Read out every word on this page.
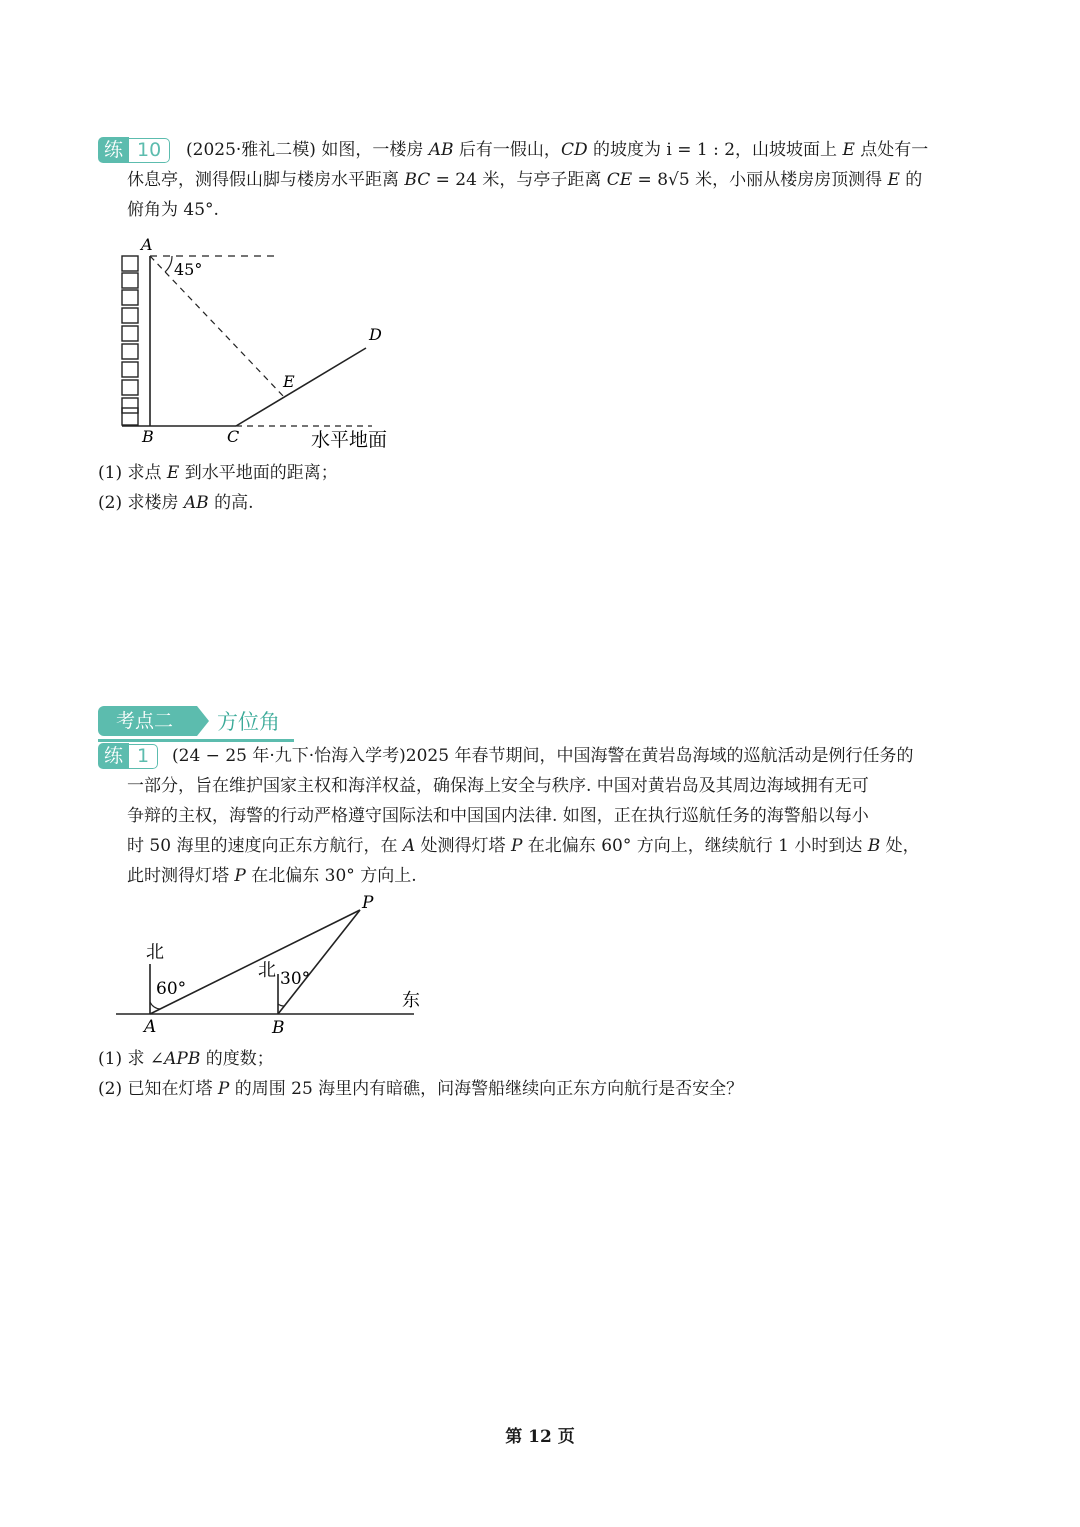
练 10	(2025·雅礼二模) 如图，一楼房 AB 后有一假山，CD 的坡度为 i = 1 : 2，山坡坡面上 E 点处有一

休息亭，测得假山脚与楼房水平距离 BC = 24 米，与亭子距离 CE = 8√5 米，小丽从楼房房顶测得 E 的

俯角为 45°.

A
45°
B	C
D
E
水平地面

(1) 求点 E 到水平地面的距离；

(2) 求楼房 AB 的高.

考点二	方位角
练 1	(24 − 25 年·九下·怡海入学考)2025 年春节期间，中国海警在黄岩岛海域的巡航活动是例行任务的

一部分，旨在维护国家主权和海洋权益，确保海上安全与秩序. 中国对黄岩岛及其周边海域拥有无可

争辩的主权，海警的行动严格遵守国际法和中国国内法律. 如图，正在执行巡航任务的海警船以每小

时 50 海里的速度向正东方航行，在 A 处测得灯塔 P 在北偏东 60° 方向上，继续航行 1 小时到达 B 处，

此时测得灯塔 P 在北偏东 30° 方向上.

P
A	B
北
北
东
60°	30°

(1) 求 ∠APB 的度数；

(2) 已知在灯塔 P 的周围 25 海里内有暗礁，问海警船继续向正东方向航行是否安全？

第 12 页
